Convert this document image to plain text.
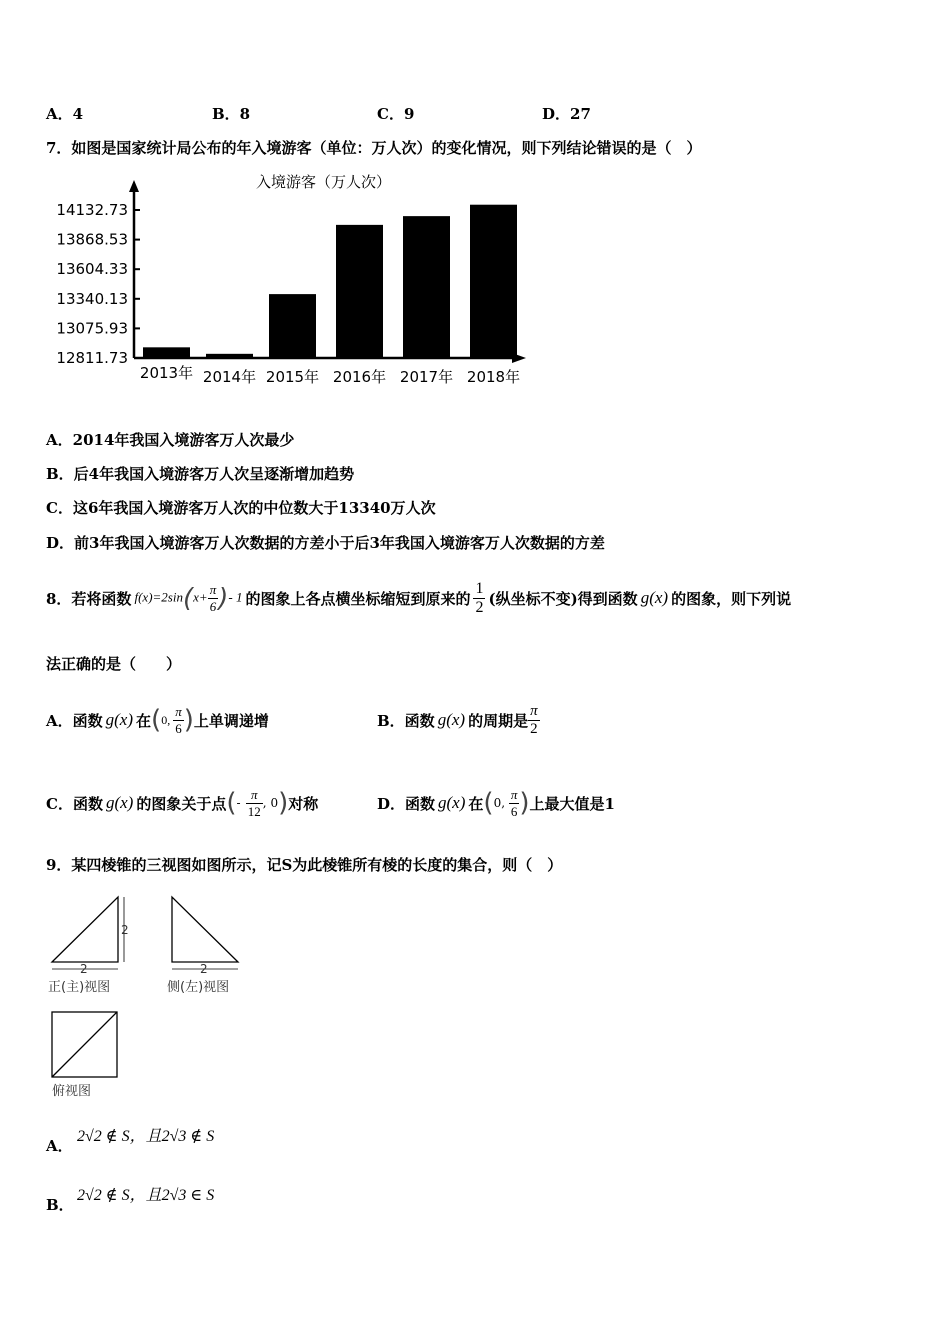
A．4	B．8	C．9	D．27
7．如图是国家统计局公布的年入境游客（单位：万人次）的变化情况，则下列结论错误的是（　）
入境游客（万人次）
12811.73
13075.93
13340.13
13604.33
13868.53
14132.73
2013年 2014年 2015年 2016年 2017年 2018年
A．2014年我国入境游客万人次最少
B．后4年我国入境游客万人次呈逐渐增加趋势
C．这6年我国入境游客万人次的中位数大于13340万人次
D．前3年我国入境游客万人次数据的方差小于后3年我国入境游客万人次数据的方差
8．若将函数 $f(x)=2\sin(x+ \frac{\pi}{6}$ )- 1 的图象上各点横坐标缩短到原来的 $\frac{1}{2}$ (纵坐标不变)得到函数 g(x) 的图象，则下列说
法正确的是（　　）
A．函数 g(x) 在 ( 0, $\frac{\pi}{6}$ ) 上单调递增	B．函数 g(x) 的周期是 $\frac{\pi}{2}$
C．函数 g(x) 的图象关于点 ( -
$\frac{\pi}{12}$ , 0 ) 对称	D．函数 g(x) 在 ( 0, $\frac{\pi}{6}$ ) 上最大值是1
9．某四棱锥的三视图如图所示，记S为此棱锥所有棱的长度的集合，则（　）
2
2
正(主)视图
2
侧(左)视图
俯视图
A．
2√2 ∉ S，且2√3 ∉ S
B．
2√2 ∉ S，且2√3 ∈ S
